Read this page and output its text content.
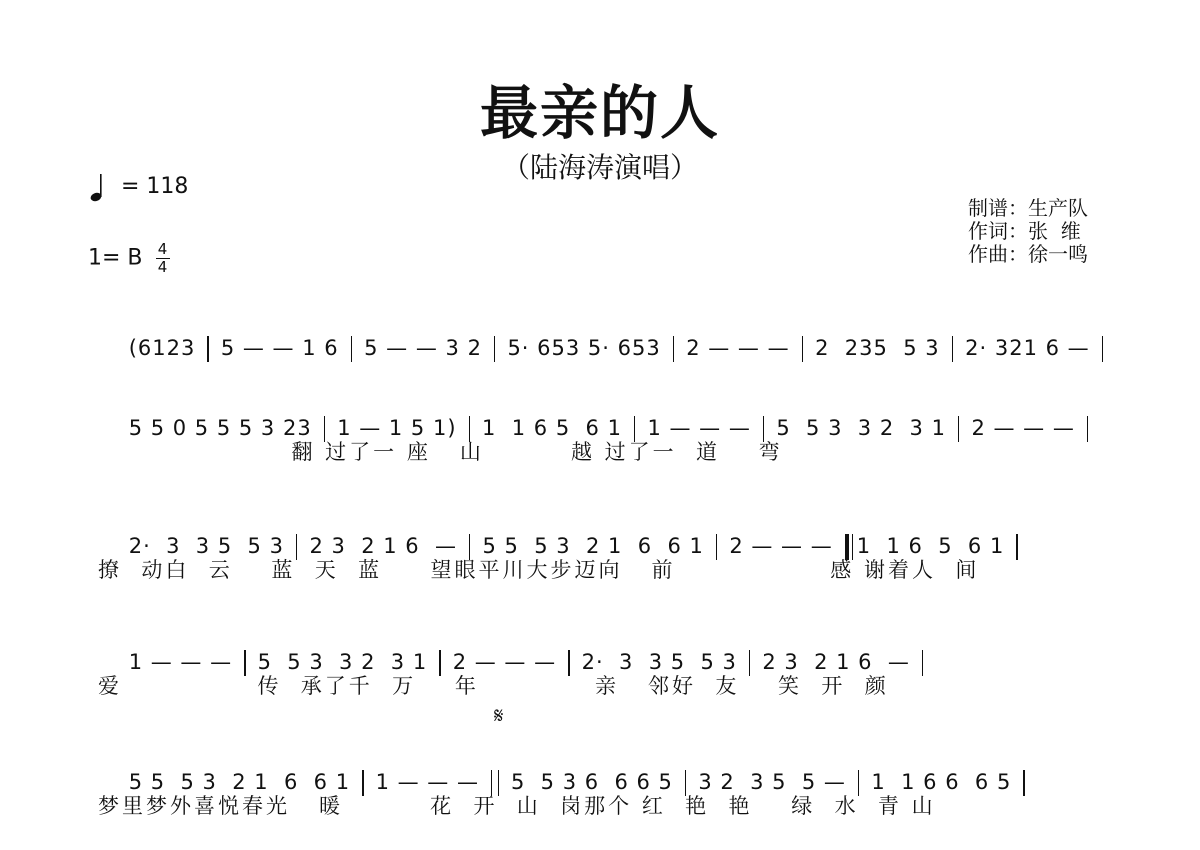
最亲的人
（陆海涛演唱）
= 118
1= B $\frac{4}{4}$
制谱：生产队
作词：张  维
作曲：徐一鸣

(6123 5 — — 1 6 5 — — 3 2 5· 653 5· 653 2 — — — 2  235  5 3 2· 321 6 —

5 5 0 5 5 5 3 23 1 — 1 5 1) 1  1 6 5  6 1 1 — — — 5  5 3  3 2  3 1 2 — — —

翻 过了一 座   山         越 过了一  道    弯

2·  3  3 5  5 3 2 3  2 1 6  — 5 5  5 3  2 1  6  6 1 2 — — — 1  1 6  5  6 1

撩  动白  云    蓝  天  蓝     望眼平川大步迈向   前                感 谢着人  间

1 — — — 5  5 3  3 2  3 1 2 — — — 2·  3  3 5  5 3 2 3  2 1 6  —

爱              传  承了千  万    年            亲   邻好  友    笑  开  颜
𝄋

5 5  5 3  2 1  6  6 1 1 — — — 5  5 3 6  6 6 5 3 2  3 5  5 — 1  1 6 6  6 5

梦里梦外喜悦春光   暖         花  开  山  岗那个 红  艳  艳    绿  水  青 山
